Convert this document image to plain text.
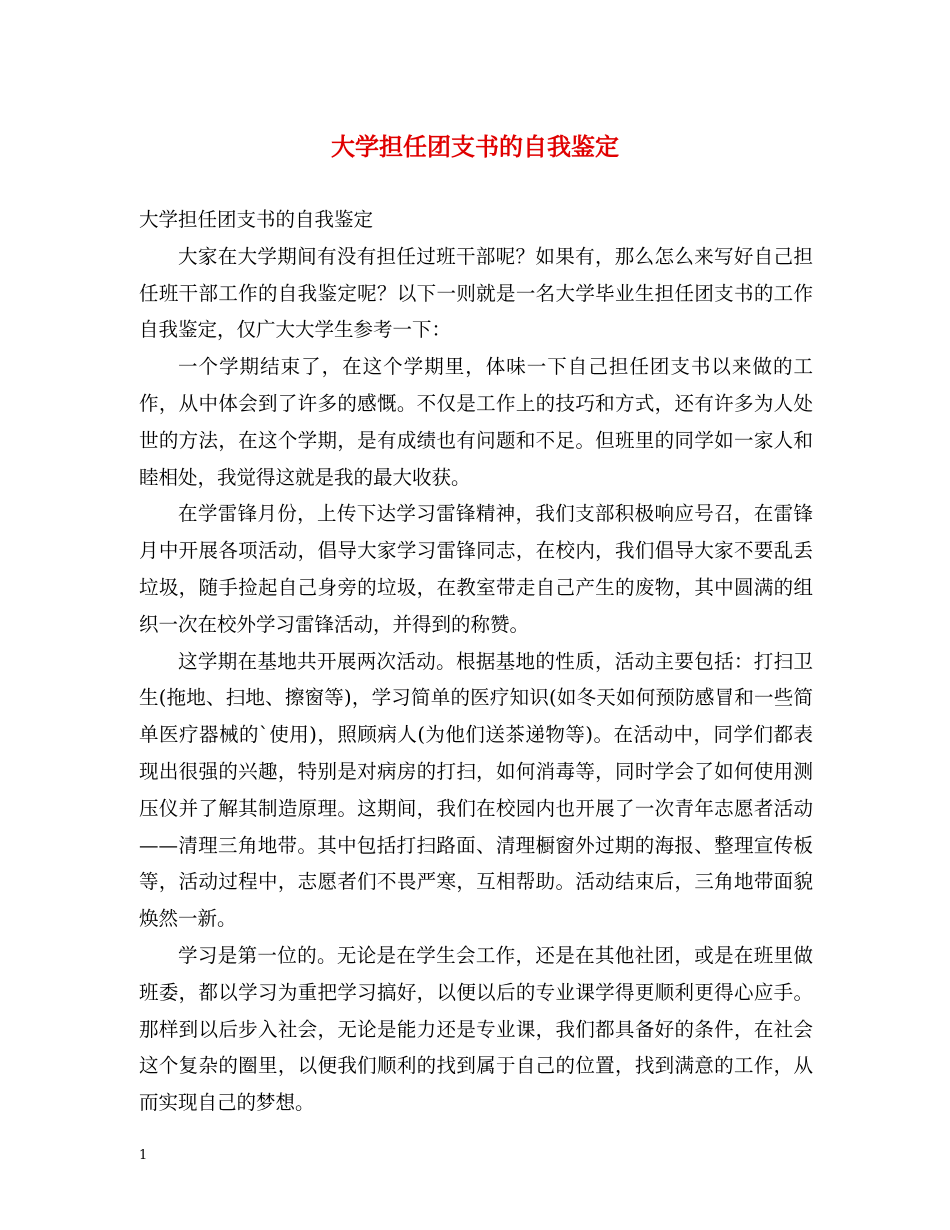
大学担任团支书的自我鉴定

大学担任团支书的自我鉴定

大家在大学期间有没有担任过班干部呢？如果有，那么怎么来写好自己担任班干部工作的自我鉴定呢？以下一则就是一名大学毕业生担任团支书的工作自我鉴定，仅广大大学生参考一下：

一个学期结束了，在这个学期里，体味一下自己担任团支书以来做的工作，从中体会到了许多的感慨。不仅是工作上的技巧和方式，还有许多为人处世的方法，在这个学期，是有成绩也有问题和不足。但班里的同学如一家人和睦相处，我觉得这就是我的最大收获。

在学雷锋月份，上传下达学习雷锋精神，我们支部积极响应号召，在雷锋月中开展各项活动，倡导大家学习雷锋同志，在校内，我们倡导大家不要乱丢垃圾，随手捡起自己身旁的垃圾，在教室带走自己产生的废物，其中圆满的组织一次在校外学习雷锋活动，并得到的称赞。

这学期在基地共开展两次活动。根据基地的性质，活动主要包括：打扫卫生(拖地、扫地、擦窗等)，学习简单的医疗知识(如冬天如何预防感冒和一些简单医疗器械的`使用)，照顾病人(为他们送茶递物等)。在活动中，同学们都表现出很强的兴趣，特别是对病房的打扫，如何消毒等，同时学会了如何使用测压仪并了解其制造原理。这期间，我们在校园内也开展了一次青年志愿者活动——清理三角地带。其中包括打扫路面、清理橱窗外过期的海报、整理宣传板等，活动过程中，志愿者们不畏严寒，互相帮助。活动结束后，三角地带面貌焕然一新。

学习是第一位的。无论是在学生会工作，还是在其他社团，或是在班里做班委，都以学习为重把学习搞好，以便以后的专业课学得更顺利更得心应手。那样到以后步入社会，无论是能力还是专业课，我们都具备好的条件，在社会这个复杂的圈里，以便我们顺利的找到属于自己的位置，找到满意的工作，从而实现自己的梦想。

1
